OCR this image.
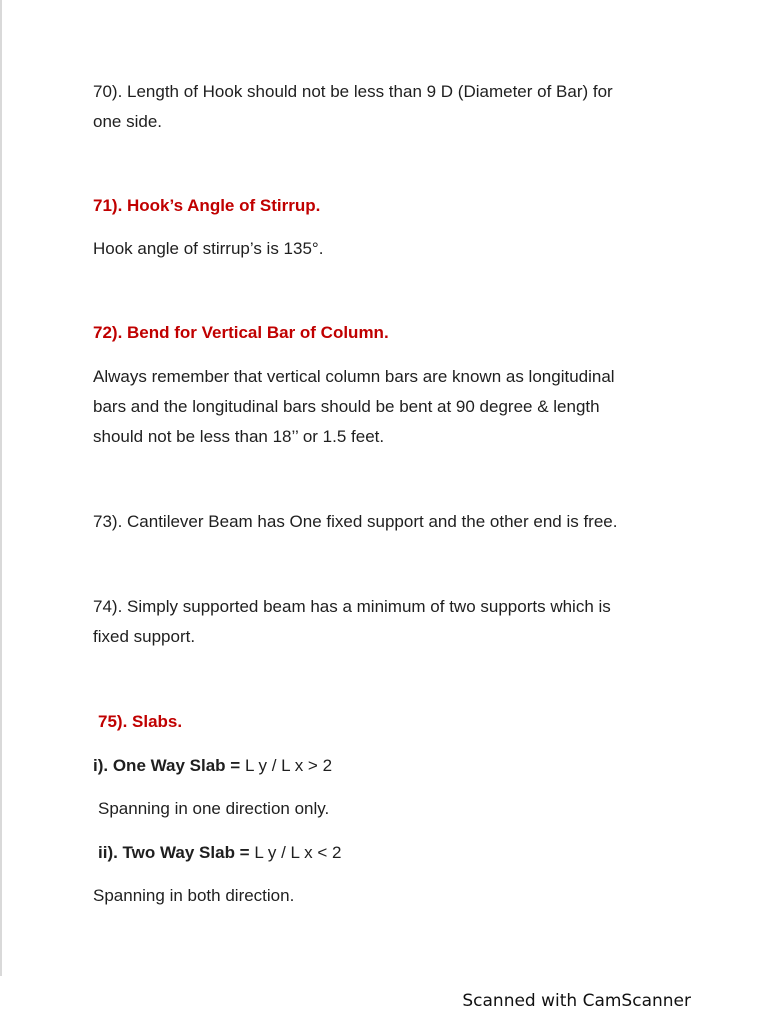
70). Length of Hook should not be less than 9 D (Diameter of Bar) for
one side.
71). Hook’s Angle of Stirrup.
Hook angle of stirrup’s is 135°.
72). Bend for Vertical Bar of Column.
Always remember that vertical column bars are known as longitudinal
bars and the longitudinal bars should be bent at 90 degree & length
should not be less than 18’’ or 1.5 feet.
73). Cantilever Beam has One fixed support and the other end is free.
74). Simply supported beam has a minimum of two supports which is
fixed support.
75). Slabs.
i). One Way Slab = L y / L x > 2
Spanning in one direction only.
ii). Two Way Slab = L y / L x < 2
Spanning in both direction.
Scanned with CamScanner
